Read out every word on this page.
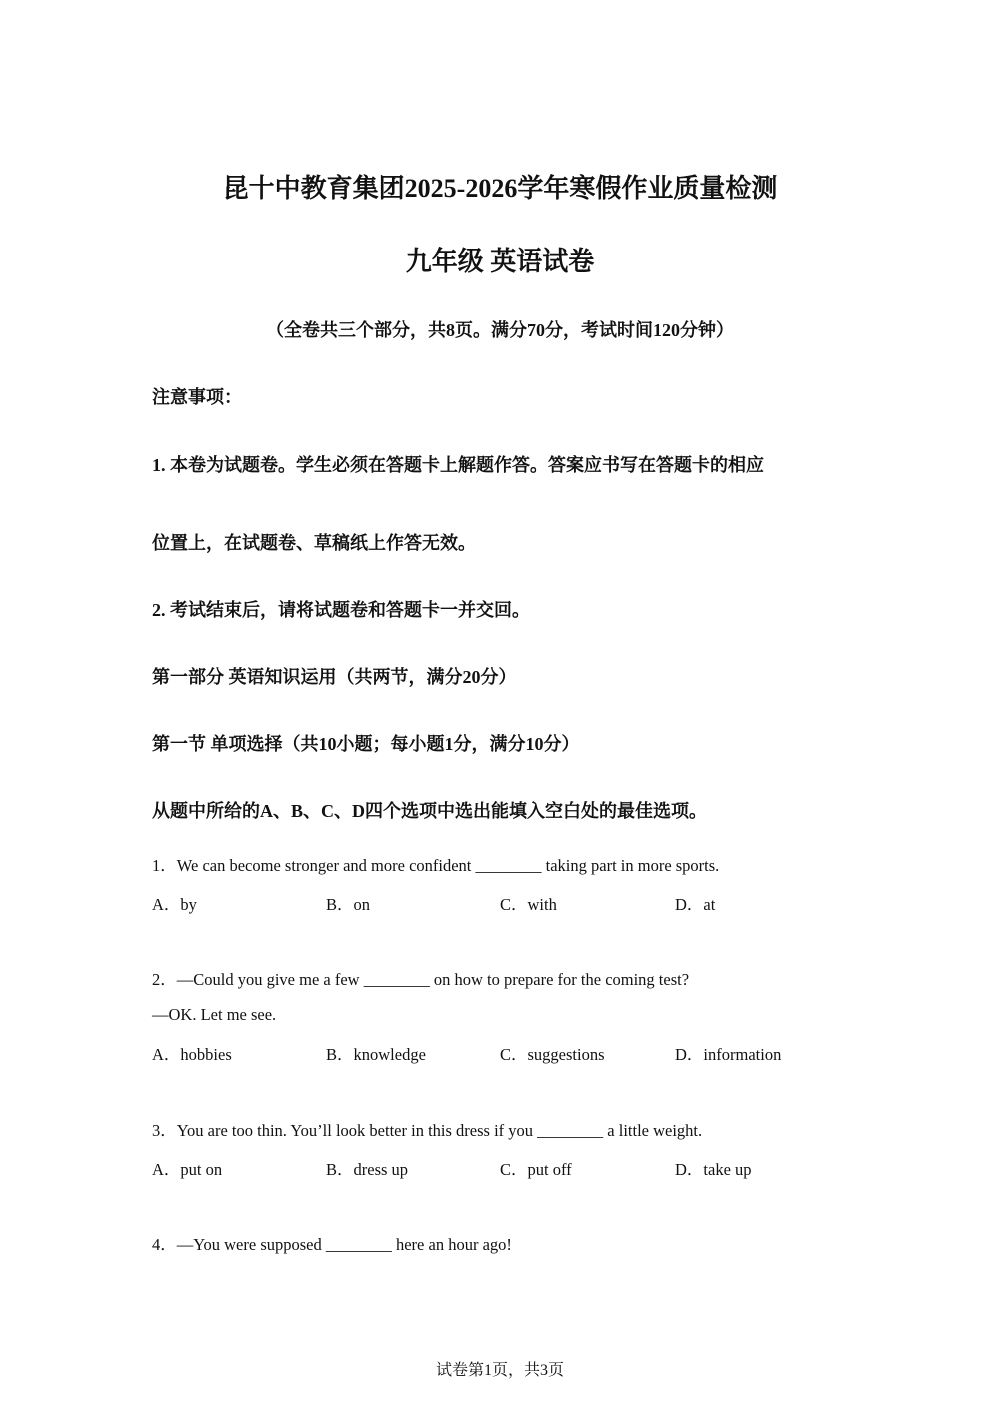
昆十中教育集团2025-2026学年寒假作业质量检测
九年级 英语试卷
（全卷共三个部分，共8页。满分70分，考试时间120分钟）
注意事项：
1. 本卷为试题卷。学生必须在答题卡上解题作答。答案应书写在答题卡的相应
位置上，在试题卷、草稿纸上作答无效。
2. 考试结束后，请将试题卷和答题卡一并交回。
第一部分 英语知识运用（共两节，满分20分）
第一节 单项选择（共10小题；每小题1分，满分10分）
从题中所给的A、B、C、D四个选项中选出能填入空白处的最佳选项。
1．We can become stronger and more confident ________ taking part in more sports.
A．by	B．on	C．with	D．at
2．—Could you give me a few ________ on how to prepare for the coming test?
—OK. Let me see.
A．hobbies	B．knowledge	C．suggestions	D．information
3．You are too thin. You’ll look better in this dress if you ________ a little weight.
A．put on	B．dress up	C．put off	D．take up
4．—You were supposed ________ here an hour ago!
试卷第1页，共3页
